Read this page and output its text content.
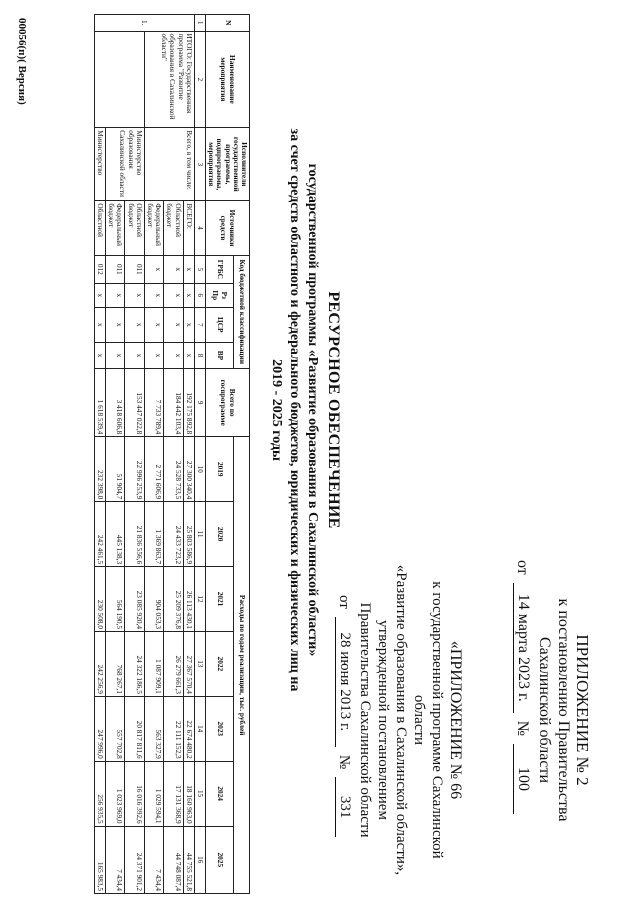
ПРИЛОЖЕНИЕ № 2
к постановлению Правительства
Сахалинской области
от
14 марта 2023 г.
№
100
«ПРИЛОЖЕНИЕ № 66
к государственной программе Сахалинской области
«Развитие образования в Сахалинской области»,
утвержденной постановлением
Правительства Сахалинской области
от
28 июня 2013 г.
№
331
РЕСУРСНОЕ ОБЕСПЕЧЕНИЕ
государственной программы «Развитие образования в Сахалинской области»
за счет средств областного и федерального бюджетов, юридических и физических лиц на
2019 - 2025 годы
N	Наименование мероприятия	Исполнители государственной программы, подпрограммы, мероприятия	Источники средств	Код бюджетной классификации				Всего по госпрограмме	Расходы по годам реализации, тыс. рублей						
				ГРБС	Рз Пр	ЦСР	ВР		2019	2020	2021	2022	2023	2024	2025
1	2	3	4	5	6	7	8	9	10	11	12	13	14	15	16
1.	ИТОГО: Государственная программа "Развитие образования в Сахалинской области"	Всего, в том числе:	ВСЕГО:	x	x	x	x	192 175 892,8	27 300 340,4	25 803 586,9	26 113 430,1	27 367 570,4	22 674 480,2	18 160 963,0	44 755 521,8
			Областной бюджет	x	x	x	x	184 442 103,4	24 528 733,5	24 433 723,2	25 209 376,8	26 279 661,3	22 111 152,3	17 131 368,9	44 748 087,4
			Федеральный бюджет	x	x	x	x	7 733 789,4	2 771 606,9	1 369 863,7	904 053,3	1 087 909,1	563 327,9	1 029 594,1	7 434,4
		Министерство образования Сахалинской области	Областной бюджет	011	x	x	x	153 447 022,8	22 996 253,9	21 836 556,6	23 085 920,4	24 322 186,5	20 817 811,6	16 016 392,6	24 371 901,2
			Федеральный бюджет	011	x	x	x	3 418 606,8	51 904,7	445 138,3	564 190,5	768 267,1	557 702,8	1 023 969,0	7 434,4
		Министерство	Областной	012	x	x	x	1 618 539,4	232 398,0	242 461,5	230 508,0	242 256,9	247 996,0	256 935,5	165 983,5
00056(п)( Версия)
